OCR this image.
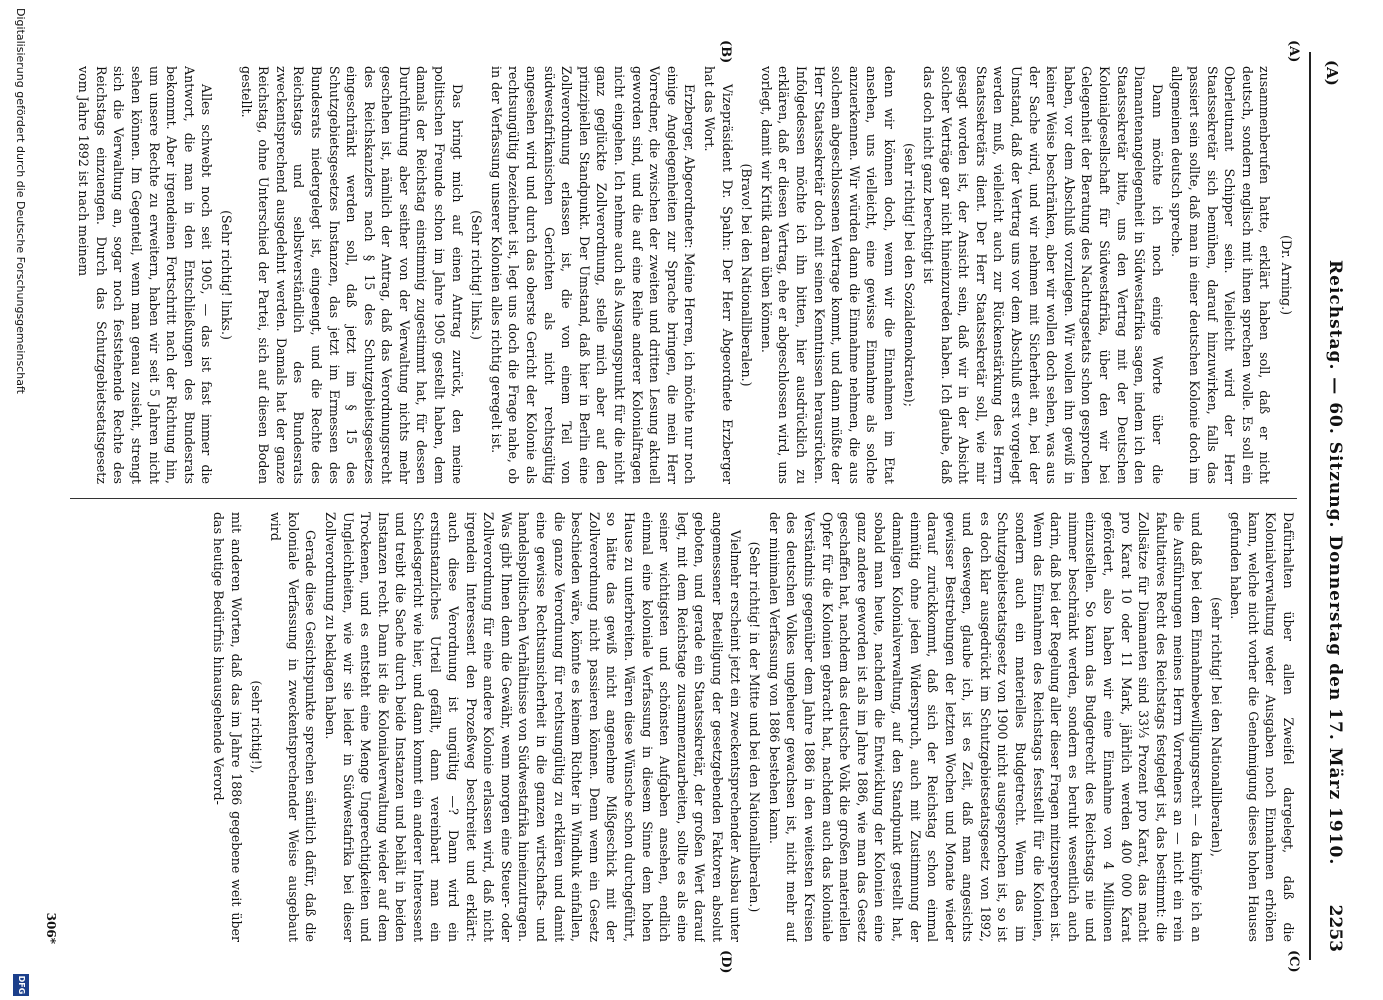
(A)
Reichstag. — 60. Sitzung. Donnerstag den 17. März 1910.
2253
(A)
(B)
(C)
(D)

(Dr. Arning.)

zusammenberufen hatte, erklärt haben soll, daß er nicht deutsch, sondern englisch mit ihnen sprechen wolle. Es soll ein Oberleutnant Schipper sein. Vielleicht wird der Herr Staatssekretär sich bemühen, darauf hinzuwirken, falls das passiert sein sollte, daß man in einer deutschen Kolonie doch im allgemeinen deutsch spreche.

Dann möchte ich noch einige Worte über die Diamantenangelegenheit in Südwestafrika sagen, indem ich den Staatssekretär bitte, uns den Vertrag mit der Deutschen Kolonialgesellschaft für Südwestafrika, über den wir bei Gelegenheit der Beratung des Nachtragsetats schon gesprochen haben, vor dem Abschluß vorzulegen. Wir wollen ihn gewiß in keiner Weise beschränken, aber wir wollen doch sehen, was aus der Sache wird, und wir nehmen mit Sicherheit an, bei der Umstand, daß der Vertrag uns vor dem Abschluß erst vorgelegt werden muß, vielleicht auch zur Rückenstärkung des Herrn Staatssekretärs dient. Der Herr Staatssekretär soll, wie mir gesagt worden ist, der Ansicht sein, daß wir in der Absicht solcher Verträge gar nicht hineinzureden haben. Ich glaube, daß das doch nicht ganz berechtigt ist

(sehr richtig! bei den Sozialdemokraten);

denn wir können doch, wenn wir die Einnahmen im Etat ansehen, uns vielleicht, eine gewisse Einnahme als solche anzuerkennen. Wir würden dann die Einnahme nehmen, die aus solchem abgeschlossenen Vertrage kommt, und dann müßte der Herr Staatssekretär doch mit seinen Kenntnissen herausrücken. Infolgedessen möchte ich ihn bitten, hier ausdrücklich zu erklären, daß er diesen Vertrag, ehe er abgeschlossen wird, uns vorlegt, damit wir Kritik daran üben können.

(Bravo! bei den Nationalliberalen.)

Vizepräsident Dr. Spahn: Der Herr Abgeordnete Erzberger hat das Wort.

Erzberger, Abgeordneter: Meine Herren, ich möchte nur noch einige Angelegenheiten zur Sprache bringen, die mein Herr Vorredner, die zwischen der zweiten und dritten Lesung aktuell geworden sind, und die auf eine Reihe anderer Kolonialfragen nicht eingehen. Ich nehme auch als Ausgangspunkt für die nicht ganz geglückte Zollverordnung, stelle mich aber auf den prinzipiellen Standpunkt. Der Umstand, daß hier in Berlin eine Zollverordnung erlassen ist, die von einem Teil von südwestafrikanischen Gerichten als nicht rechtsgültig angesehen wird und durch das oberste Gericht der Kolonie als rechtsungültig bezeichnet ist, legt uns doch die Frage nahe, ob in der Verfassung unserer Kolonien alles richtig geregelt ist.

(Sehr richtig! links.)

Das bringt mich auf einen Antrag zurück, den meine politischen Freunde schon im Jahre 1905 gestellt haben, dem damals der Reichstag einstimmig zugestimmt hat, für dessen Durchführung aber seither von der Verwaltung nichts mehr geschehen ist, nämlich der Antrag, daß das Verordnungsrecht des Reichskanzlers nach § 15 des Schutzgebietsgesetzes eingeschränkt werden soll, daß jetzt im § 15 des Schutzgebietsgesetzes Instanzen, das jetzt im Ermessen des Bundesrats niedergelegt ist, eingeengt, und die Rechte des Reichstags und selbstverständlich des Bundesrats zweckentsprechend ausgedehnt werden. Damals hat der ganze Reichstag, ohne Unterschied der Partei, sich auf diesen Boden gestellt.

(Sehr richtig! links.)

Alles schwebt noch seit 1905, — das ist fast immer die Antwort, die man in den Entschließungen des Bundesrats bekommt. Aber irgendeinen Fortschritt nach der Richtung hin, um unsere Rechte zu erweitern, haben wir seit 5 Jahren nicht sehen können. Im Gegenteil, wenn man genau zusieht, strengt sich die Verwaltung an, sogar noch feststehende Rechte des Reichstags einzuengen. Durch das Schutzgebietsetatsgesetz vom Jahre 1892 ist nach meinem

Dafürhalten über allen Zweifel dargelegt, daß die Kolonialverwaltung weder Ausgaben noch Einnahmen erhöhen kann, welche nicht vorher die Genehmigung dieses hohen Hauses gefunden haben.

(sehr richtig! bei den Nationalliberalen),

und daß bei dem Einnahmebewilligungsrecht — da knüpfe ich an die Ausführungen meines Herrn Vorredners an — nicht ein rein fakultatives Recht des Reichstags festgelegt ist, das bestimmt: die Zollsätze für Diamanten sind 33⅓ Prozent pro Karat, das macht pro Karat 10 oder 11 Mark, jährlich werden 400 000 Karat gefördert, also haben wir eine Einnahme von 4 Millionen einzustellen. So kann das Budgetrecht des Reichstags nie und nimmer beschränkt werden, sondern es beruht wesentlich auch darin, daß bei der Regelung aller dieser Fragen mitzusprechen ist. Wenn das Einnahmen des Reichstags feststellt für die Kolonien, sondern auch ein materielles Budgetrecht. Wenn das im Schutzgebietsetatsgesetz von 1900 nicht ausgesprochen ist, so ist es doch klar ausgedrückt im Schutzgebietsetatsgesetz von 1892, und deswegen, glaube ich, ist es Zeit, daß man angesichts gewisser Bestrebungen der letzten Wochen und Monate wieder darauf zurückkommt, daß sich der Reichstag schon einmal einmütig ohne jeden Widerspruch, auch mit Zustimmung der damaligen Kolonialverwaltung, auf den Standpunkt gestellt hat, sobald man heute, nachdem die Entwicklung der Kolonien eine ganz andere geworden ist als im Jahre 1886, wie man das Gesetz geschaffen hat, nachdem das deutsche Volk die großen materiellen Opfer für die Kolonien gebracht hat, nachdem auch das koloniale Verständnis gegenüber dem Jahre 1886 in den weitesten Kreisen des deutschen Volkes ungeheuer gewachsen ist, nicht mehr auf der minimalen Verfassung von 1886 bestehen kann.

(Sehr richtig! in der Mitte und bei den Nationalliberalen.)

Vielmehr erscheint jetzt ein zweckentsprechender Ausbau unter angemessener Beteiligung der gesetzgebenden Faktoren absolut geboten, und gerade ein Staatssekretär, der großen Wert darauf legt, mit dem Reichstage zusammenzuarbeiten, sollte es als eine seiner wichtigsten und schönsten Aufgaben ansehen, endlich einmal eine koloniale Verfassung in diesem Sinne dem hohen Hause zu unterbreiten. Wären diese Wünsche schon durchgeführt, so hätte das gewiß nicht angenehme Mißgeschick mit der Zollverordnung nicht passieren können. Denn wenn ein Gesetz beschieden wäre, könnte es keinem Richter in Windhuk einfallen, die ganze Verordnung für rechtsungültig zu erklären und damit eine gewisse Rechtsunsicherheit in die ganzen wirtschafts- und handelspolitischen Verhältnisse von Südwestafrika hineinzutragen. Was gibt Ihnen denn die Gewähr, wenn morgen eine Steuer- oder Zollverordnung für eine andere Kolonie erlassen wird, daß nicht irgendein Interessent den Prozeßweg beschreitet und erklärt: auch diese Verordnung ist ungültig —? Dann wird ein erstinstanzliches Urteil gefällt, dann vereinbart man ein Schiedsgericht wie hier, und dann kommt ein anderer Interessent und treibt die Sache durch beide Instanzen und behält in beiden Instanzen recht. Dann ist die Kolonialverwaltung wieder auf dem Trockenen, und es entsteht eine Menge Ungerechtigkeiten und Ungleichheiten, wie wir sie leider in Südwestafrika bei dieser Zollverordnung zu beklagen haben.

Gerade diese Gesichtspunkte sprechen sämtlich dafür, daß die koloniale Verfassung in zweckentsprechender Weise ausgebaut wird

(sehr richtig!),

mit anderen Worten, daß das im Jahre 1886 gegebene weit über das heutige Bedürfnis hinausgehende Verord-

306*
Digitalisierung gefördert durch die Deutsche Forschungsgemeinschaft
DFG
